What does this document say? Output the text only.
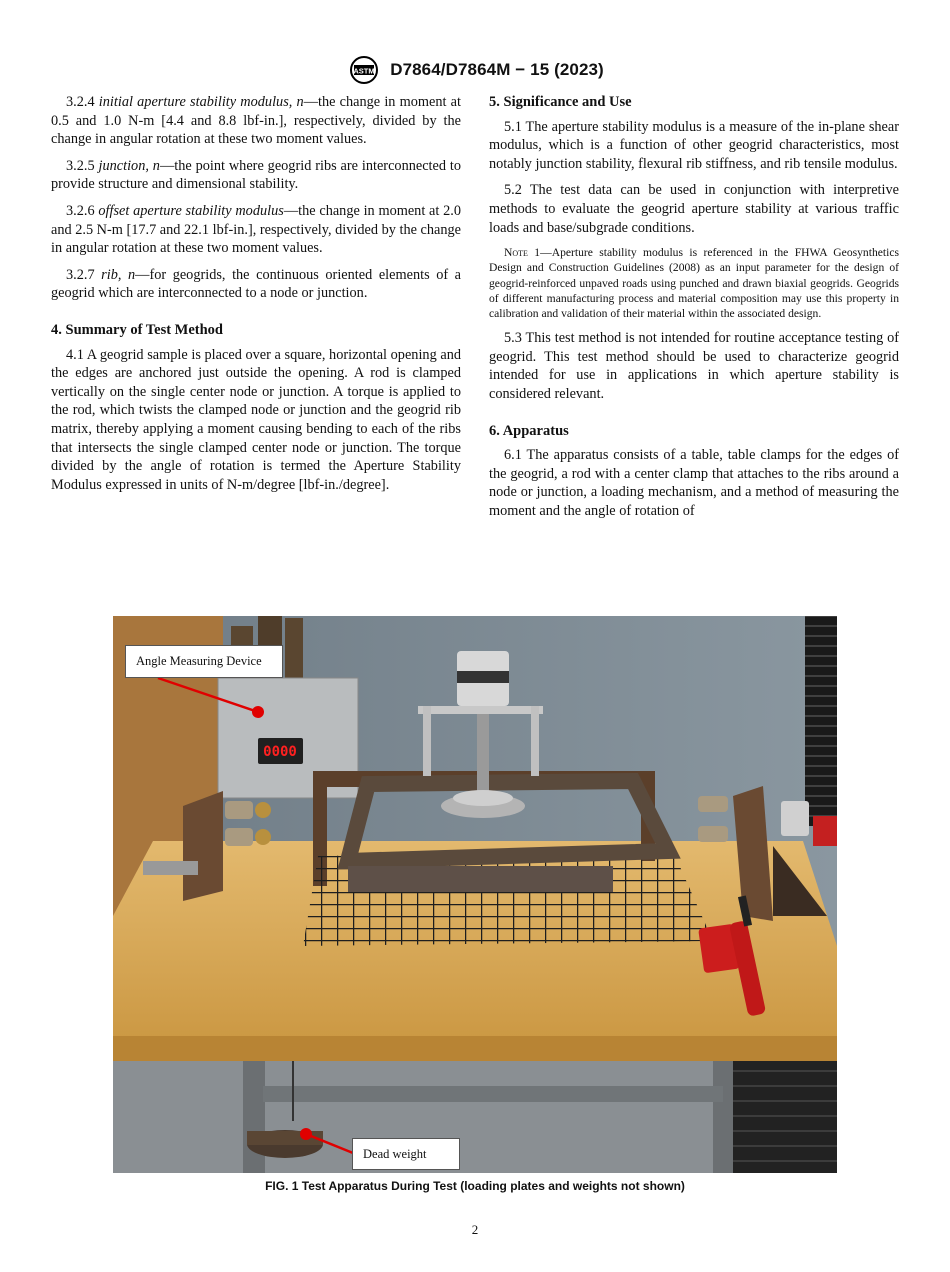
ASTM D7864/D7864M − 15 (2023)

3.2.4 initial aperture stability modulus, n—the change in moment at 0.5 and 1.0 N-m [4.4 and 8.8 lbf-in.], respectively, divided by the change in angular rotation at these two moment values.

3.2.5 junction, n—the point where geogrid ribs are interconnected to provide structure and dimensional stability.

3.2.6 offset aperture stability modulus—the change in moment at 2.0 and 2.5 N-m [17.7 and 22.1 lbf-in.], respectively, divided by the change in angular rotation at these two moment values.

3.2.7 rib, n—for geogrids, the continuous oriented elements of a geogrid which are interconnected to a node or junction.

4. Summary of Test Method

4.1 A geogrid sample is placed over a square, horizontal opening and the edges are anchored just outside the opening. A rod is clamped vertically on the single center node or junction. A torque is applied to the rod, which twists the clamped node or junction and the geogrid rib matrix, thereby applying a moment causing bending to each of the ribs that intersects the single clamped center node or junction. The torque divided by the angle of rotation is termed the Aperture Stability Modulus expressed in units of N-m/degree [lbf-in./degree].

5. Significance and Use

5.1 The aperture stability modulus is a measure of the in-plane shear modulus, which is a function of other geogrid characteristics, most notably junction stability, flexural rib stiffness, and rib tensile modulus.

5.2 The test data can be used in conjunction with interpretive methods to evaluate the geogrid aperture stability at various traffic loads and base/subgrade conditions.

Note 1—Aperture stability modulus is referenced in the FHWA Geosynthetics Design and Construction Guidelines (2008) as an input parameter for the design of geogrid-reinforced unpaved roads using punched and drawn biaxial geogrids. Geogrids of different manufacturing process and material composition may use this property in calibration and validation of their material within the associated design.

5.3 This test method is not intended for routine acceptance testing of geogrid. This test method should be used to characterize geogrid intended for use in applications in which aperture stability is considered relevant.

6. Apparatus

6.1 The apparatus consists of a table, table clamps for the edges of the geogrid, a rod with a center clamp that attaches to the ribs around a node or junction, a loading mechanism, and a method of measuring the moment and the angle of rotation of

0000
Angle Measuring Device
Dead weight
FIG. 1 Test Apparatus During Test (loading plates and weights not shown)
2
